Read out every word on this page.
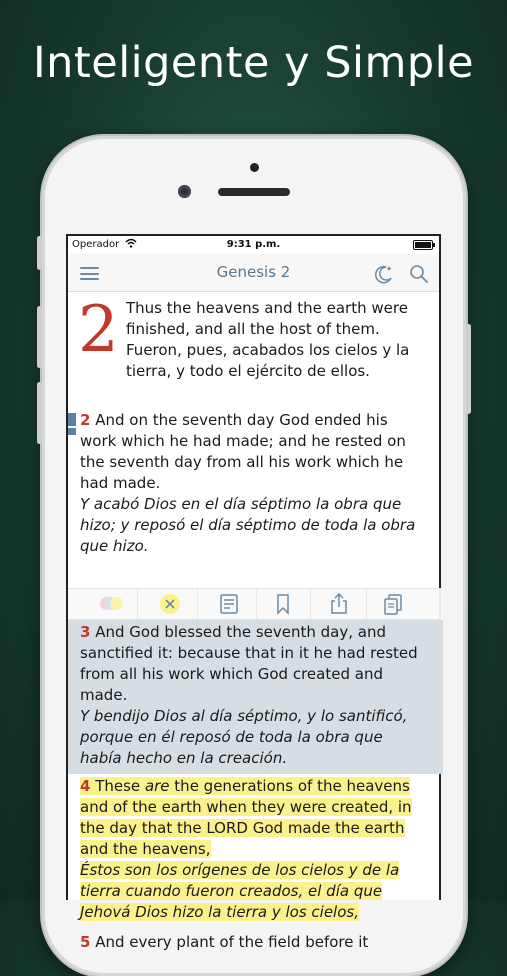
Inteligente y Simple
Operador	9:31 p.m.
Genesis 2
2 Thus the heavens and the earth were finished, and all the host of them.
Fueron, pues, acabados los cielos y la tierra, y todo el ejército de ellos.
2 And on the seventh day God ended his work which he had made; and he rested on the seventh day from all his work which he had made.
Y acabó Dios en el día séptimo la obra que hizo; y reposó el día séptimo de toda la obra que hizo.
3 And God blessed the seventh day, and sanctified it: because that in it he had rested from all his work which God created and made.
Y bendijo Dios al día séptimo, y lo santificó, porque en él reposó de toda la obra que había hecho en la creación.
4 These are the generations of the heavens and of the earth when they were created, in the day that the LORD God made the earth and the heavens,
Éstos son los orígenes de los cielos y de la tierra cuando fueron creados, el día que Jehová Dios hizo la tierra y los cielos,
5 And every plant of the field before it
